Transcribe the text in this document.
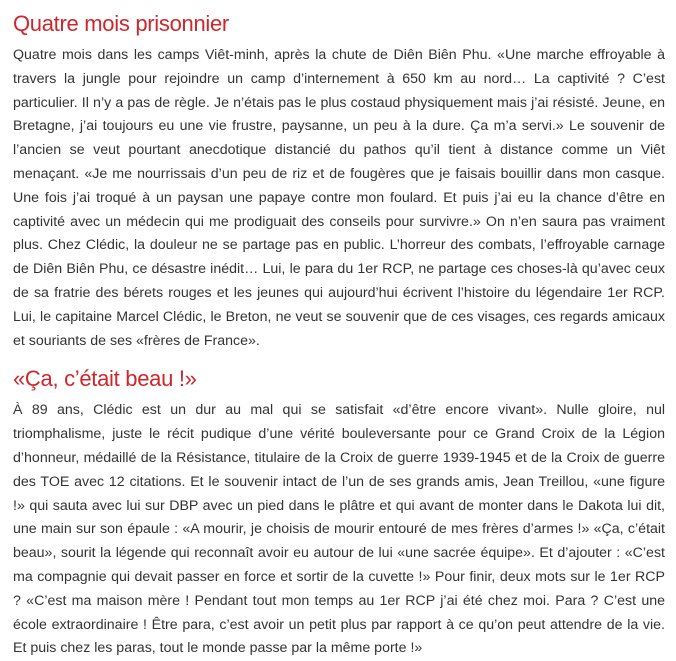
Quatre mois prisonnier

Quatre mois dans les camps Viêt-minh, après la chute de Diên Biên Phu. «Une marche effroyable à travers la jungle pour rejoindre un camp d’internement à 650 km au nord… La captivité ? C’est particulier. Il n’y a pas de règle. Je n’étais pas le plus costaud physiquement mais j’ai résisté. Jeune, en Bretagne, j’ai toujours eu une vie frustre, paysanne, un peu à la dure. Ça m’a servi.» Le souvenir de l’ancien se veut pourtant anecdotique distancié du pathos qu’il tient à distance comme un Viêt menaçant. «Je me nourrissais d’un peu de riz et de fougères que je faisais bouillir dans mon casque. Une fois j’ai troqué à un paysan une papaye contre mon foulard. Et puis j’ai eu la chance d’être en captivité avec un médecin qui me prodiguait des conseils pour survivre.» On n’en saura pas vraiment plus. Chez Clédic, la douleur ne se partage pas en public. L’horreur des combats, l’effroyable carnage de Diên Biên Phu, ce désastre inédit… Lui, le para du 1er RCP, ne partage ces choses-là qu’avec ceux de sa fratrie des bérets rouges et les jeunes qui aujourd’hui écrivent l’histoire du légendaire 1er RCP. Lui, le capitaine Marcel Clédic, le Breton, ne veut se souvenir que de ces visages, ces regards amicaux et souriants de ses «frères de France».

«Ça, c’était beau !»

À 89 ans, Clédic est un dur au mal qui se satisfait «d’être encore vivant». Nulle gloire, nul triomphalisme, juste le récit pudique d’une vérité bouleversante pour ce Grand Croix de la Légion d’honneur, médaillé de la Résistance, titulaire de la Croix de guerre 1939-1945 et de la Croix de guerre des TOE avec 12 citations. Et le souvenir intact de l’un de ses grands amis, Jean Treillou, «une figure !» qui sauta avec lui sur DBP avec un pied dans le plâtre et qui avant de monter dans le Dakota lui dit, une main sur son épaule : «A mourir, je choisis de mourir entouré de mes frères d’armes !» «Ça, c’était beau», sourit la légende qui reconnaît avoir eu autour de lui «une sacrée équipe». Et d’ajouter : «C’est ma compagnie qui devait passer en force et sortir de la cuvette !» Pour finir, deux mots sur le 1er RCP ? «C’est ma maison mère ! Pendant tout mon temps au 1er RCP j’ai été chez moi. Para ? C’est une école extraordinaire ! Être para, c’est avoir un petit plus par rapport à ce qu’on peut attendre de la vie. Et puis chez les paras, tout le monde passe par la même porte !»
